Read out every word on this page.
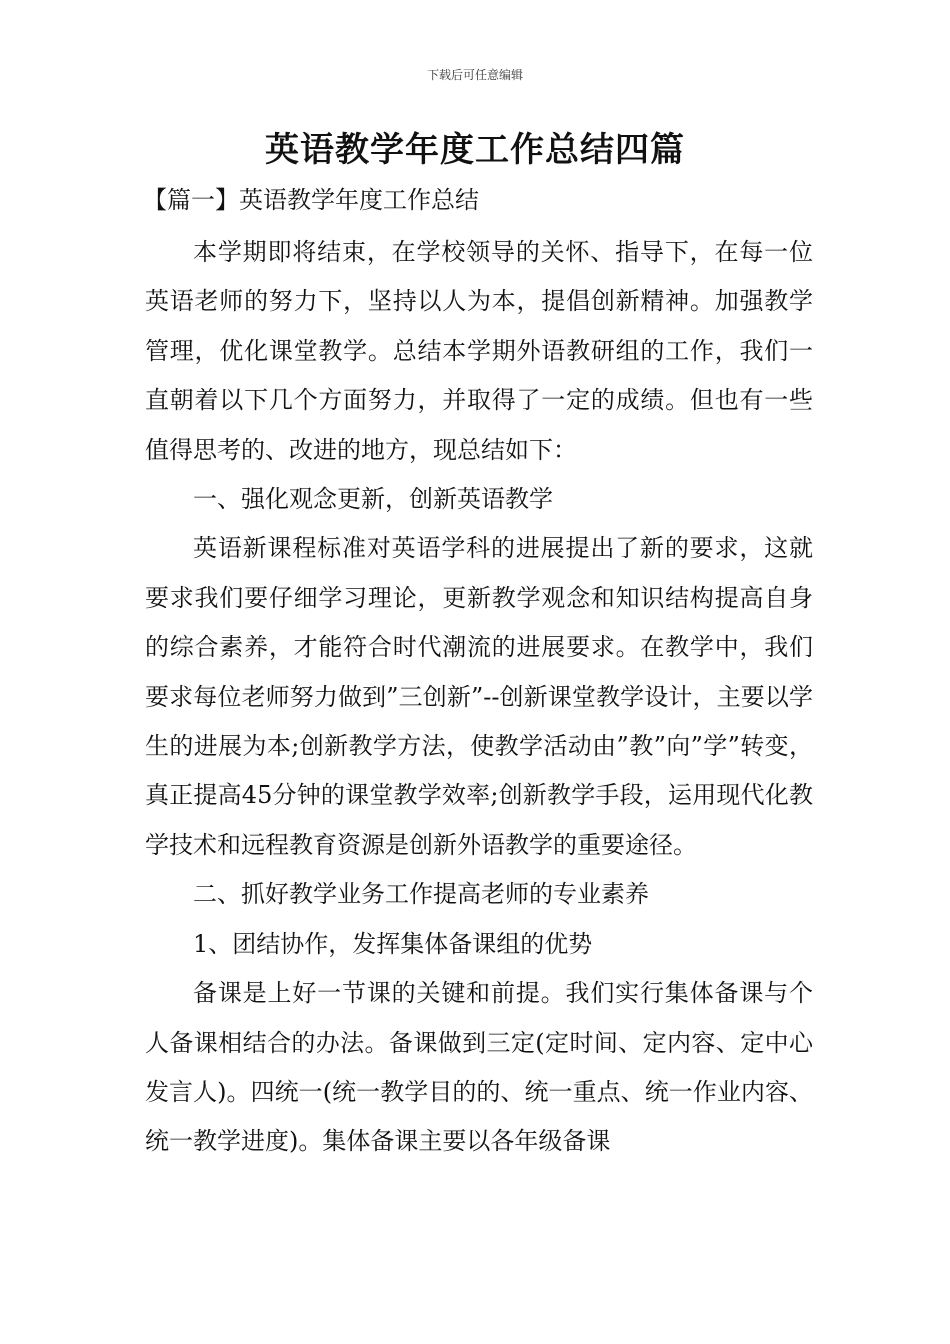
下载后可任意编辑
英语教学年度工作总结四篇
【篇一】英语教学年度工作总结

本学期即将结束，在学校领导的关怀、指导下，在每一位英语老师的努力下，坚持以人为本，提倡创新精神。加强教学管理，优化课堂教学。总结本学期外语教研组的工作，我们一直朝着以下几个方面努力，并取得了一定的成绩。但也有一些值得思考的、改进的地方，现总结如下：

一、强化观念更新，创新英语教学

英语新课程标准对英语学科的进展提出了新的要求，这就要求我们要仔细学习理论，更新教学观念和知识结构提高自身的综合素养，才能符合时代潮流的进展要求。在教学中，我们要求每位老师努力做到”三创新”--创新课堂教学设计，主要以学生的进展为本;创新教学方法，使教学活动由”教”向”学”转变，真正提高45分钟的课堂教学效率;创新教学手段，运用现代化教学技术和远程教育资源是创新外语教学的重要途径。

二、抓好教学业务工作提高老师的专业素养

1、团结协作，发挥集体备课组的优势

备课是上好一节课的关键和前提。我们实行集体备课与个人备课相结合的办法。备课做到三定(定时间、定内容、定中心发言人)。四统一(统一教学目的的、统一重点、统一作业内容、统一教学进度)。集体备课主要以各年级备课
